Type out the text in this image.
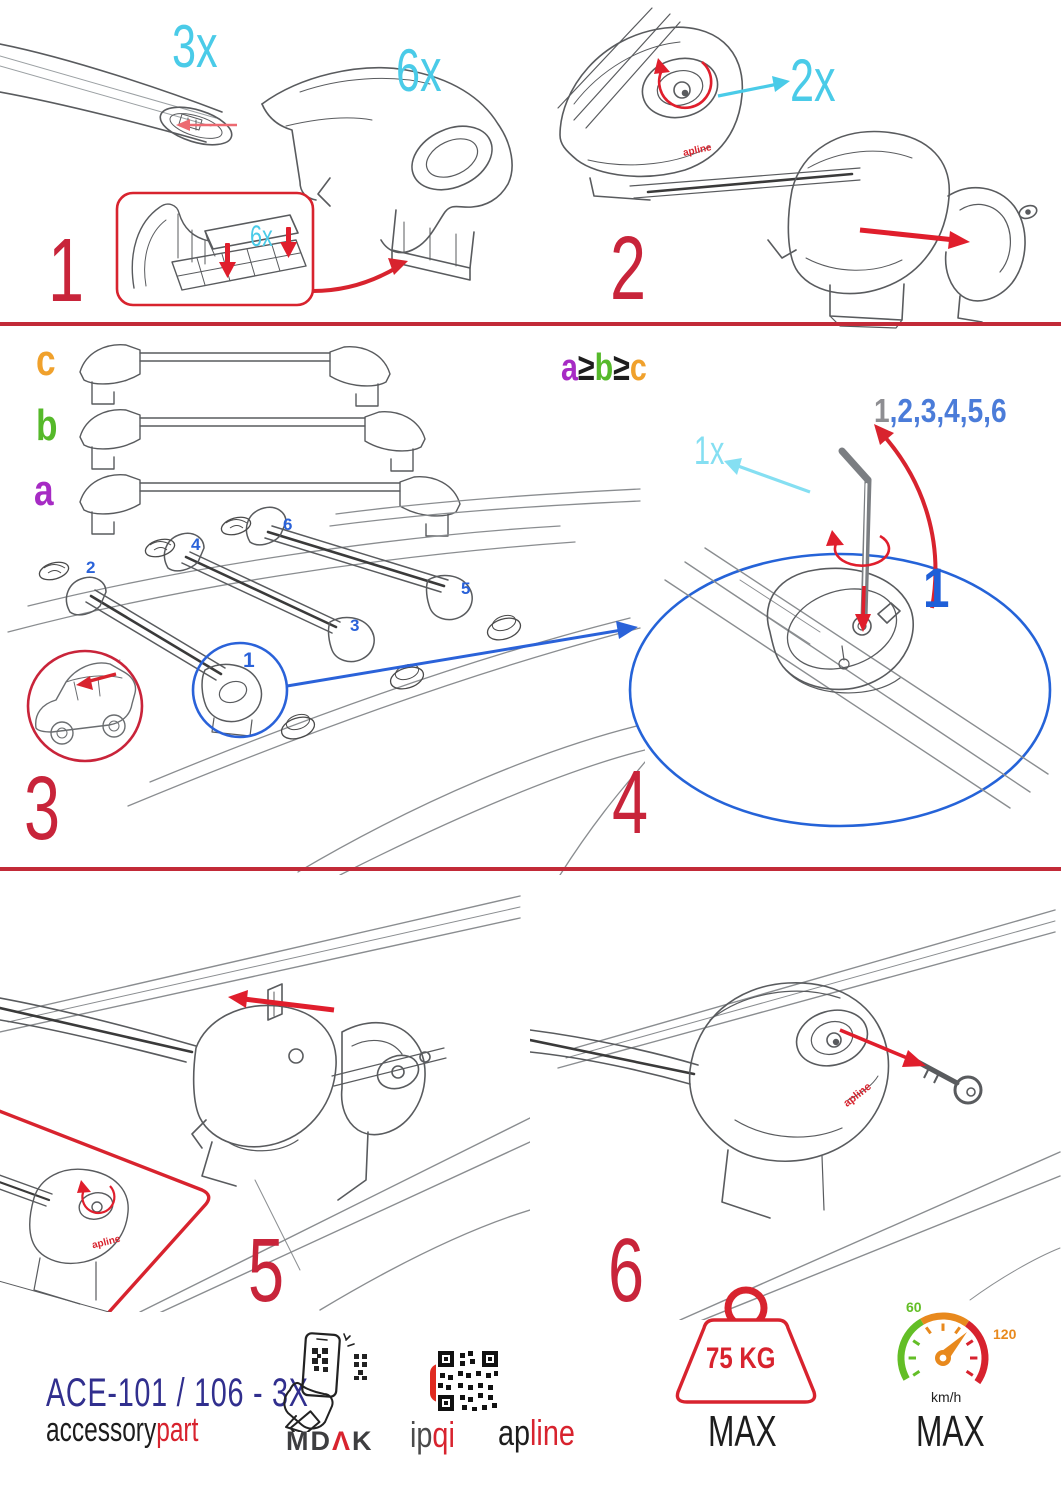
3x	6x
6x
1
2x
2
apline
c
b
a
2
4
6
3
5
1
3
a≥b≥c
1,2,3,4,5,6
1x
1
4
apline
apline
5	6
ACE-101 / 106 - 3X
accessorypart	MDΛK ipqi	apline
75 KG
MAX
60
120
km/h
MAX
